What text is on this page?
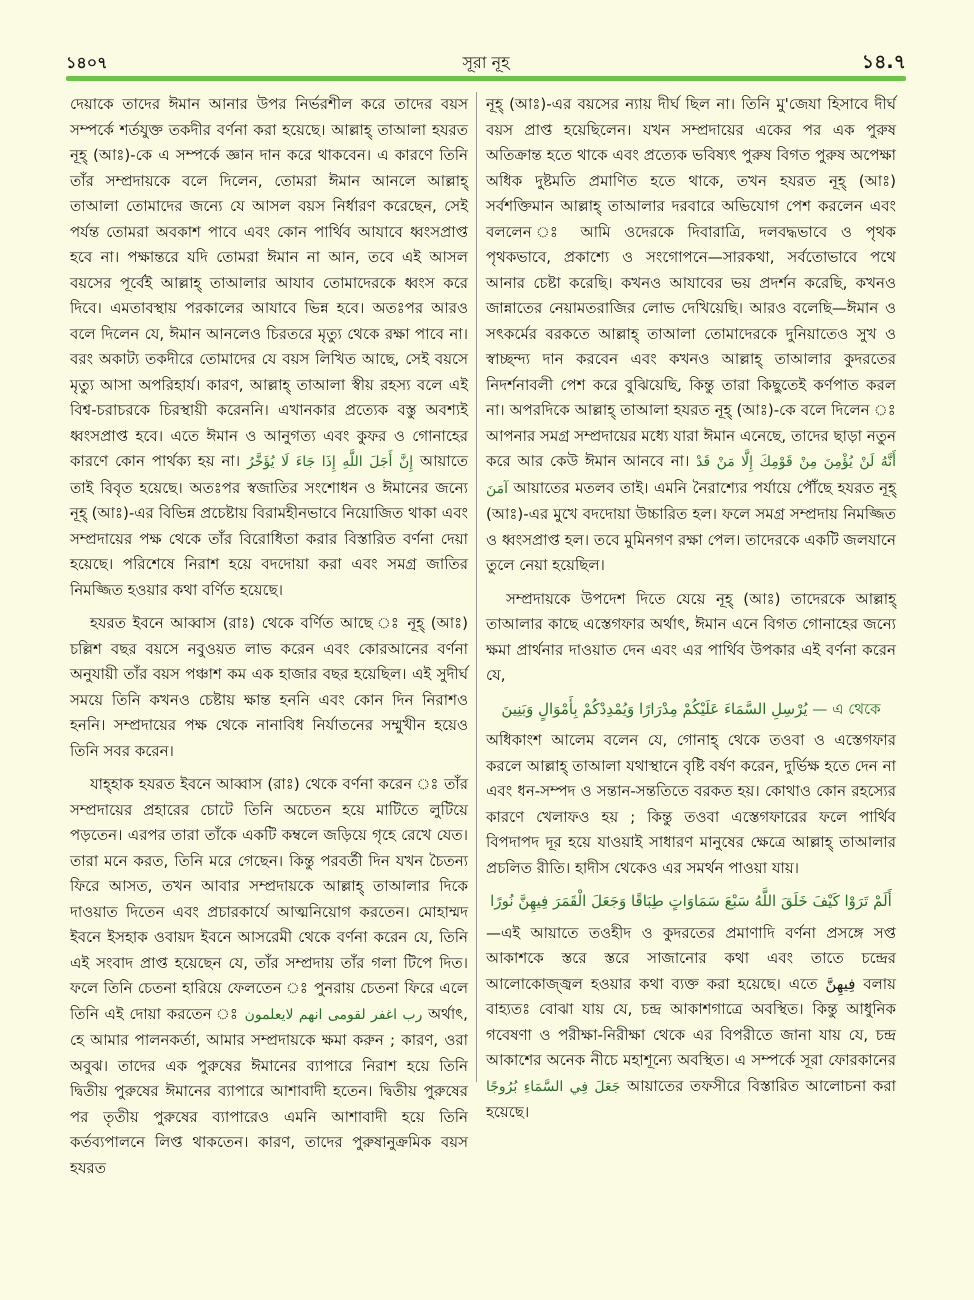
১৪০৭	সূরা নূহ	১৪.৭

দেয়াকে তাদের ঈমান আনার উপর নির্ভরশীল করে তাদের বয়স সম্পর্কে শর্তযুক্ত তকদীর বর্ণনা করা হয়েছে। আল্লাহ্ তাআলা হযরত নূহ্ (আঃ)-কে এ সম্পর্কে জ্ঞান দান করে থাকবেন। এ কারণে তিনি তাঁর সম্প্রদায়কে বলে দিলেন, তোমরা ঈমান আনলে আল্লাহ্ তাআলা তোমাদের জন্যে যে আসল বয়স নির্ধারণ করেছেন, সেই পর্যন্ত তোমরা অবকাশ পাবে এবং কোন পার্থিব আযাবে ধ্বংসপ্রাপ্ত হবে না। পক্ষান্তরে যদি তোমরা ঈমান না আন, তবে এই আসল বয়সের পূর্বেই আল্লাহ্ তাআলার আযাব তোমাদেরকে ধ্বংস করে দিবে। এমতাবস্থায় পরকালের আযাবে ভিন্ন হবে। অতঃপর আরও বলে দিলেন যে, ঈমান আনলেও চিরতরে মৃত্যু থেকে রক্ষা পাবে না। বরং অকাট্য তকদীরে তোমাদের যে বয়স লিখিত আছে, সেই বয়সে মৃত্যু আসা অপরিহার্য। কারণ, আল্লাহ্ তাআলা স্বীয় রহস্য বলে এই বিশ্ব-চরাচরকে চিরস্থায়ী করেননি। এখানকার প্রত্যেক বস্তু অবশ্যই ধ্বংসপ্রাপ্ত হবে। এতে ঈমান ও আনুগত্য এবং কুফর ও গোনাহের কারণে কোন পার্থক্য হয় না। إِنَّ أَجَلَ اللَّهِ إِذَا جَاءَ لَا يُؤَخَّرُ আয়াতে তাই বিবৃত হয়েছে। অতঃপর স্বজাতির সংশোধন ও ঈমানের জন্যে নূহ্ (আঃ)-এর বিভিন্ন প্রচেষ্টায় বিরামহীনভাবে নিয়োজিত থাকা এবং সম্প্রদায়ের পক্ষ থেকে তাঁর বিরোধিতা করার বিস্তারিত বর্ণনা দেয়া হয়েছে। পরিশেষে নিরাশ হয়ে বদদোয়া করা এবং সমগ্র জাতির নিমজ্জিত হওয়ার কথা বর্ণিত হয়েছে।

হযরত ইবনে আব্বাস (রাঃ) থেকে বর্ণিত আছে ঃ নূহ্ (আঃ) চল্লিশ বছর বয়সে নবুওয়ত লাভ করেন এবং কোরআনের বর্ণনা অনুযায়ী তাঁর বয়স পঞ্চাশ কম এক হাজার বছর হয়েছিল। এই সুদীর্ঘ সময়ে তিনি কখনও চেষ্টায় ক্ষান্ত হননি এবং কোন দিন নিরাশও হননি। সম্প্রদায়ের পক্ষ থেকে নানাবিধ নির্যাতনের সম্মুখীন হয়েও তিনি সবর করেন।

যাহ্হাক হযরত ইবনে আব্বাস (রাঃ) থেকে বর্ণনা করেন ঃ তাঁর সম্প্রদায়ের প্রহারের চোটে তিনি অচেতন হয়ে মাটিতে লুটিয়ে পড়তেন। এরপর তারা তাঁকে একটি কম্বলে জড়িয়ে গৃহে রেখে যেত। তারা মনে করত, তিনি মরে গেছেন। কিন্তু পরবর্তী দিন যখন চৈতন্য ফিরে আসত, তখন আবার সম্প্রদায়কে আল্লাহ্ তাআলার দিকে দাওয়াত দিতেন এবং প্রচারকার্যে আত্মনিয়োগ করতেন। মোহাম্মদ ইবনে ইসহাক ওবায়দ ইবনে আসরেমী থেকে বর্ণনা করেন যে, তিনি এই সংবাদ প্রাপ্ত হয়েছেন যে, তাঁর সম্প্রদায় তাঁর গলা টিপে দিত। ফলে তিনি চেতনা হারিয়ে ফেলতেন ঃ পুনরায় চেতনা ফিরে এলে তিনি এই দোয়া করতেন ঃ رب اغفر لقومى انهم لايعلمون অর্থাৎ, হে আমার পালনকর্তা, আমার সম্প্রদায়কে ক্ষমা করুন ; কারণ, ওরা অবুঝ। তাদের এক পুরুষের ঈমানের ব্যাপারে নিরাশ হয়ে তিনি দ্বিতীয় পুরুষের ঈমানের ব্যাপারে আশাবাদী হতেন। দ্বিতীয় পুরুষের পর তৃতীয় পুরুষের ব্যাপারেও এমনি আশাবাদী হয়ে তিনি কর্তব্যপালনে লিপ্ত থাকতেন। কারণ, তাদের পুরুষানুক্রমিক বয়স হযরত

নূহ্ (আঃ)-এর বয়সের ন্যায় দীর্ঘ ছিল না। তিনি মু'জেযা হিসাবে দীর্ঘ বয়স প্রাপ্ত হয়েছিলেন। যখন সম্প্রদায়ের একের পর এক পুরুষ অতিক্রান্ত হতে থাকে এবং প্রত্যেক ভবিষ্যৎ পুরুষ বিগত পুরুষ অপেক্ষা অধিক দুষ্টমতি প্রমাণিত হতে থাকে, তখন হযরত নূহ্ (আঃ) সর্বশক্তিমান আল্লাহ্ তাআলার দরবারে অভিযোগ পেশ করলেন এবং বললেন ঃ আমি ওদেরকে দিবারাত্রি, দলবদ্ধভাবে ও পৃথক পৃথকভাবে, প্রকাশ্যে ও সংগোপনে—সারকথা, সর্বতোভাবে পথে আনার চেষ্টা করেছি। কখনও আযাবের ভয় প্রদর্শন করেছি, কখনও জান্নাতের নেয়ামতরাজির লোভ দেখিয়েছি। আরও বলেছি—ঈমান ও সৎকর্মের বরকতে আল্লাহ্ তাআলা তোমাদেরকে দুনিয়াতেও সুখ ও স্বাচ্ছন্দ্য দান করবেন এবং কখনও আল্লাহ্ তাআলার কুদরতের নিদর্শনাবলী পেশ করে বুঝিয়েছি, কিন্তু তারা কিছুতেই কর্ণপাত করল না। অপরদিকে আল্লাহ্ তাআলা হযরত নূহ্ (আঃ)-কে বলে দিলেন ঃ আপনার সমগ্র সম্প্রদায়ের মধ্যে যারা ঈমান এনেছে, তাদের ছাড়া নতুন করে আর কেউ ঈমান আনবে না। أَنَّهُ لَنْ يُؤْمِنَ مِنْ قَوْمِكَ إِلَّا مَنْ قَدْ آمَنَ আয়াতের মতলব তাই। এমনি নৈরাশ্যের পর্যায়ে পৌঁছে হযরত নূহ্ (আঃ)-এর মুখে বদদোয়া উচ্চারিত হল। ফলে সমগ্র সম্প্রদায় নিমজ্জিত ও ধ্বংসপ্রাপ্ত হল। তবে মুমিনগণ রক্ষা পেল। তাদেরকে একটি জলযানে তুলে নেয়া হয়েছিল।

সম্প্রদায়কে উপদেশ দিতে যেয়ে নূহ্ (আঃ) তাদেরকে আল্লাহ্ তাআলার কাছে এস্তেগফার অর্থাৎ, ঈমান এনে বিগত গোনাহের জন্যে ক্ষমা প্রার্থনার দাওয়াত দেন এবং এর পার্থিব উপকার এই বর্ণনা করেন যে,

يُرْسِلِ السَّمَاءَ عَلَيْكُمْ مِدْرَارًا وَيُمْدِدْكُمْ بِأَمْوَالٍ وَبَنِينَ — এ থেকে

অধিকাংশ আলেম বলেন যে, গোনাহ্ থেকে তওবা ও এস্তেগফার করলে আল্লাহ্ তাআলা যথাস্থানে বৃষ্টি বর্ষণ করেন, দুর্ভিক্ষ হতে দেন না এবং ধন-সম্পদ ও সন্তান-সন্ততিতে বরকত হয়। কোথাও কোন রহস্যের কারণে খেলাফও হয় ; কিন্তু তওবা এস্তেগফারের ফলে পার্থিব বিপদাপদ দূর হয়ে যাওয়াই সাধারণ মানুষের ক্ষেত্রে আল্লাহ্ তাআলার প্রচলিত রীতি। হাদীস থেকেও এর সমর্থন পাওয়া যায়।

أَلَمْ تَرَوْا كَيْفَ خَلَقَ اللَّهُ سَبْعَ سَمَاوَاتٍ طِبَاقًا وَجَعَلَ الْقَمَرَ فِيهِنَّ نُورًا

—এই আয়াতে তওহীদ ও কুদরতের প্রমাণাদি বর্ণনা প্রসঙ্গে সপ্ত আকাশকে স্তরে স্তরে সাজানোর কথা এবং তাতে চন্দ্রের আলোকোজ্জ্বল হওয়ার কথা ব্যক্ত করা হয়েছে। এতে فِيهِنَّ বলায় বাহ্যতঃ বোঝা যায় যে, চন্দ্র আকাশগাত্রে অবস্থিত। কিন্তু আধুনিক গবেষণা ও পরীক্ষা-নিরীক্ষা থেকে এর বিপরীতে জানা যায় যে, চন্দ্র আকাশের অনেক নীচে মহাশূন্যে অবস্থিত। এ সম্পর্কে সূরা ফোরকানের جَعَلَ فِي السَّمَاءِ بُرُوجًا আয়াতের তফসীরে বিস্তারিত আলোচনা করা হয়েছে।
